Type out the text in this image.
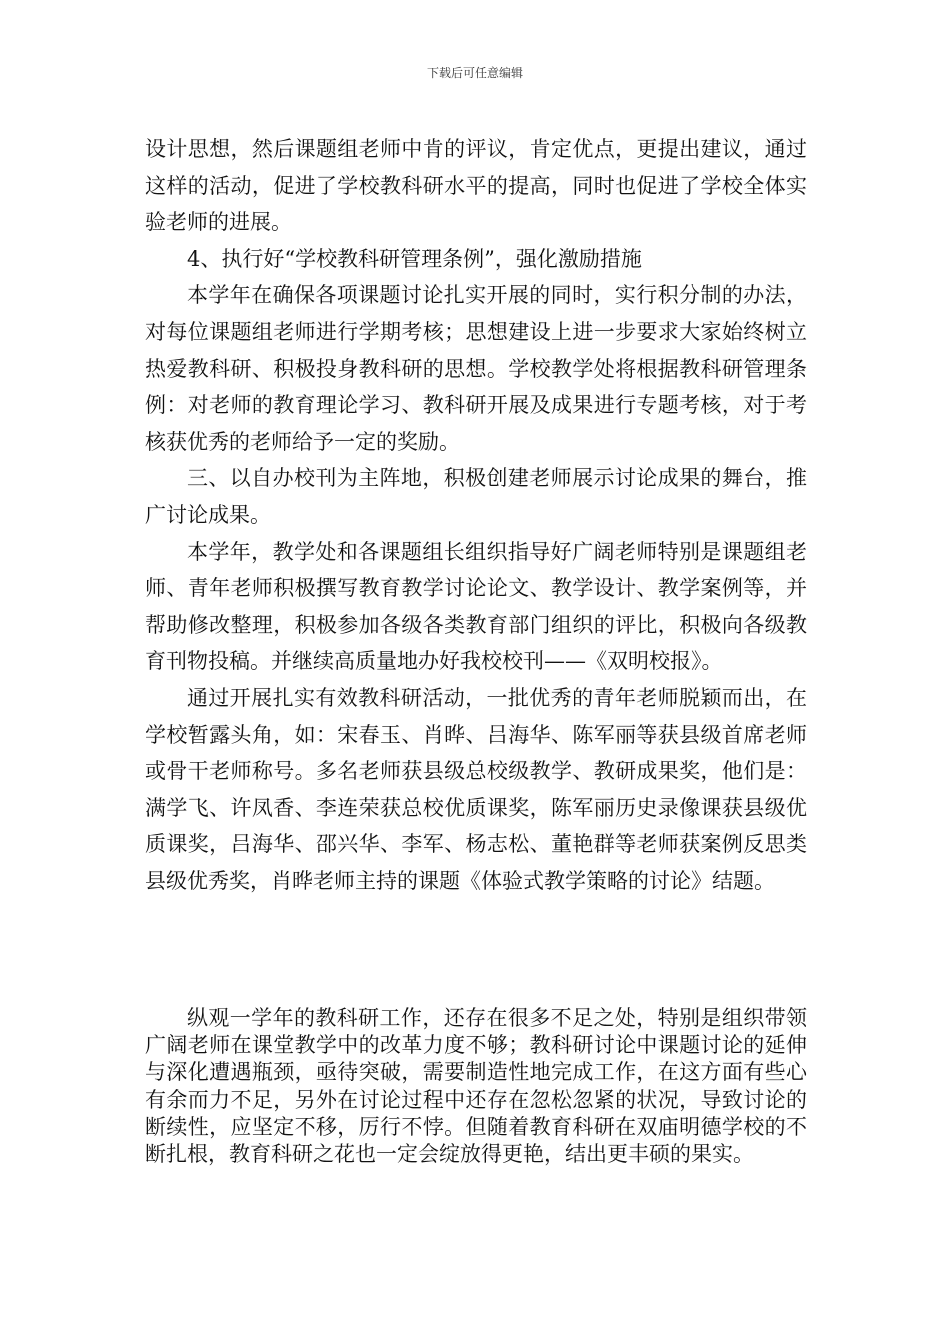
下载后可任意编辑

设计思想，然后课题组老师中肯的评议，肯定优点，更提出建议，通过这样的活动，促进了学校教科研水平的提高，同时也促进了学校全体实验老师的进展。

4、执行好“学校教科研管理条例”，强化激励措施

本学年在确保各项课题讨论扎实开展的同时，实行积分制的办法，对每位课题组老师进行学期考核；思想建设上进一步要求大家始终树立热爱教科研、积极投身教科研的思想。学校教学处将根据教科研管理条例：对老师的教育理论学习、教科研开展及成果进行专题考核，对于考核获优秀的老师给予一定的奖励。

三、以自办校刊为主阵地，积极创建老师展示讨论成果的舞台，推广讨论成果。

本学年，教学处和各课题组长组织指导好广阔老师特别是课题组老师、青年老师积极撰写教育教学讨论论文、教学设计、教学案例等，并帮助修改整理，积极参加各级各类教育部门组织的评比，积极向各级教育刊物投稿。并继续高质量地办好我校校刊——《双明校报》。

通过开展扎实有效教科研活动，一批优秀的青年老师脱颖而出，在学校暂露头角，如：宋春玉、肖晔、吕海华、陈军丽等获县级首席老师或骨干老师称号。多名老师获县级总校级教学、教研成果奖，他们是：满学飞、许凤香、李连荣获总校优质课奖，陈军丽历史录像课获县级优质课奖，吕海华、邵兴华、李军、杨志松、董艳群等老师获案例反思类县级优秀奖，肖晔老师主持的课题《体验式教学策略的讨论》结题。

纵观一学年的教科研工作，还存在很多不足之处，特别是组织带领广阔老师在课堂教学中的改革力度不够；教科研讨论中课题讨论的延伸与深化遭遇瓶颈，亟待突破，需要制造性地完成工作，在这方面有些心有余而力不足，另外在讨论过程中还存在忽松忽紧的状况，导致讨论的断续性，应坚定不移，厉行不悖。但随着教育科研在双庙明德学校的不断扎根，教育科研之花也一定会绽放得更艳，结出更丰硕的果实。
